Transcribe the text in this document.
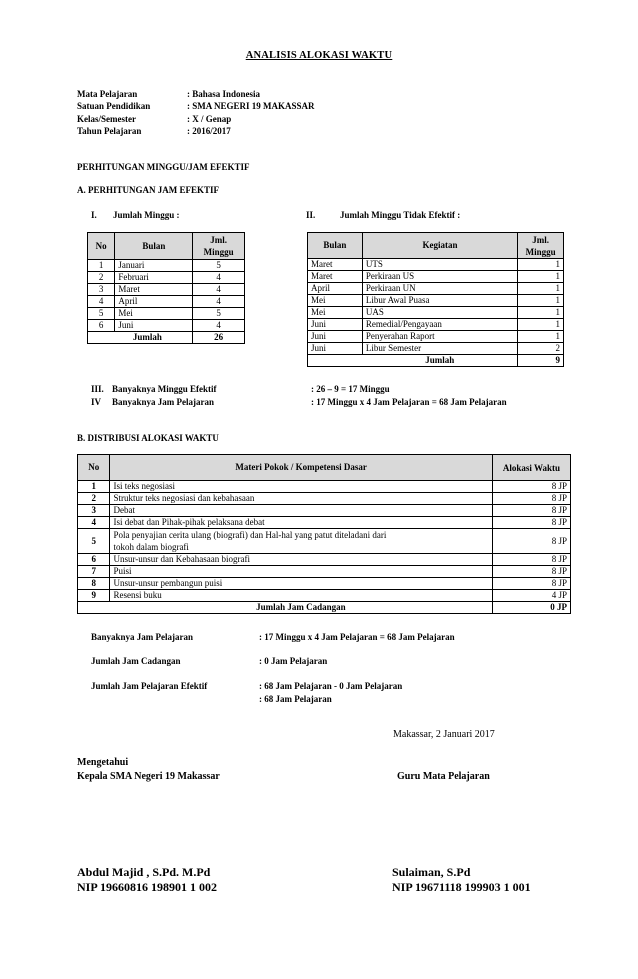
ANALISIS ALOKASI WAKTU
Mata Pelajaran	: Bahasa Indonesia
Satuan Pendidikan	: SMA NEGERI 19 MAKASSAR
Kelas/Semester	: X / Genap
Tahun Pelajaran	: 2016/2017
PERHITUNGAN MINGGU/JAM EFEKTIF
A. PERHITUNGAN JAM EFEKTIF
I. Jumlah Minggu :	II.	Jumlah Minggu Tidak Efektif :
No	Bulan	Jml. Minggu
1	Januari	5
2	Februari	4
3	Maret	4
4	April	4
5	Mei	5
6	Juni	4
	Jumlah	26
Bulan	Kegiatan	Jml. Minggu
Maret	UTS	1
Maret	Perkiraan US	1
April	Perkiraan UN	1
Mei	Libur Awal Puasa	1
Mei	UAS	1
Juni	Remedial/Pengayaan	1
Juni	Penyerahan Raport	1
Juni	Libur Semester	2
	Jumlah	9
III. Banyaknya Minggu Efektif	: 26 – 9 = 17 Minggu
IV Banyaknya Jam Pelajaran	: 17 Minggu x 4 Jam Pelajaran = 68 Jam Pelajaran
B. DISTRIBUSI ALOKASI WAKTU
No	Materi Pokok / Kompetensi Dasar	Alokasi Waktu
1	Isi teks negosiasi	8 JP
2	Struktur teks negosiasi dan kebahasaan	8 JP
3	Debat	8 JP
4	Isi debat dan Pihak-pihak pelaksana debat	8 JP
5	Pola penyajian cerita ulang (biografi) dan Hal-hal yang patut diteladani dari tokoh dalam biografi	8 JP
6	Unsur-unsur dan Kebahasaan biografi	8 JP
7	Puisi	8 JP
8	Unsur-unsur pembangun puisi	8 JP
9	Resensi buku	4 JP
	Jumlah Jam Cadangan	0 JP
Banyaknya Jam Pelajaran	: 17 Minggu x 4 Jam Pelajaran = 68 Jam Pelajaran
Jumlah Jam Cadangan	: 0 Jam Pelajaran
Jumlah Jam Pelajaran Efektif	: 68 Jam Pelajaran - 0 Jam Pelajaran
: 68 Jam Pelajaran
Makassar, 2 Januari 2017
Mengetahui
Kepala SMA Negeri 19 Makassar	Guru Mata Pelajaran
Abdul Majid , S.Pd. M.Pd
NIP 19660816 198901 1 002
Sulaiman, S.Pd
NIP 19671118 199903 1 001
